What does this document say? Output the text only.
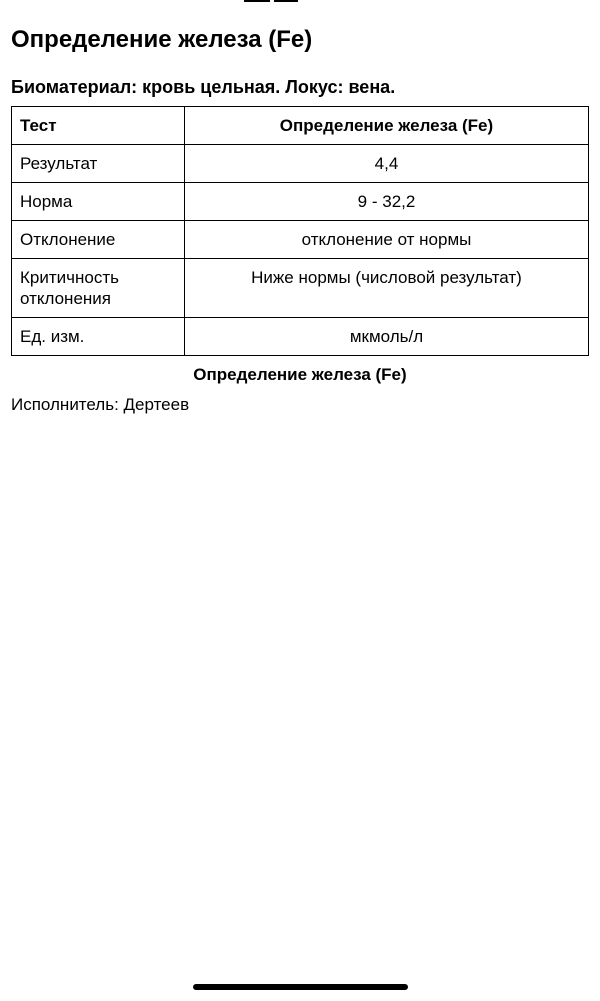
Определение железа (Fe)

Биоматериал: кровь цельная. Локус: вена.

Тест	Определение железа (Fe)
Результат	4,4
Норма	9 - 32,2
Отклонение	отклонение от нормы
Критичность отклонения	Ниже нормы (числовой результат)
Ед. изм.	мкмоль/л
Определение железа (Fe)
Исполнитель: Дертеев
